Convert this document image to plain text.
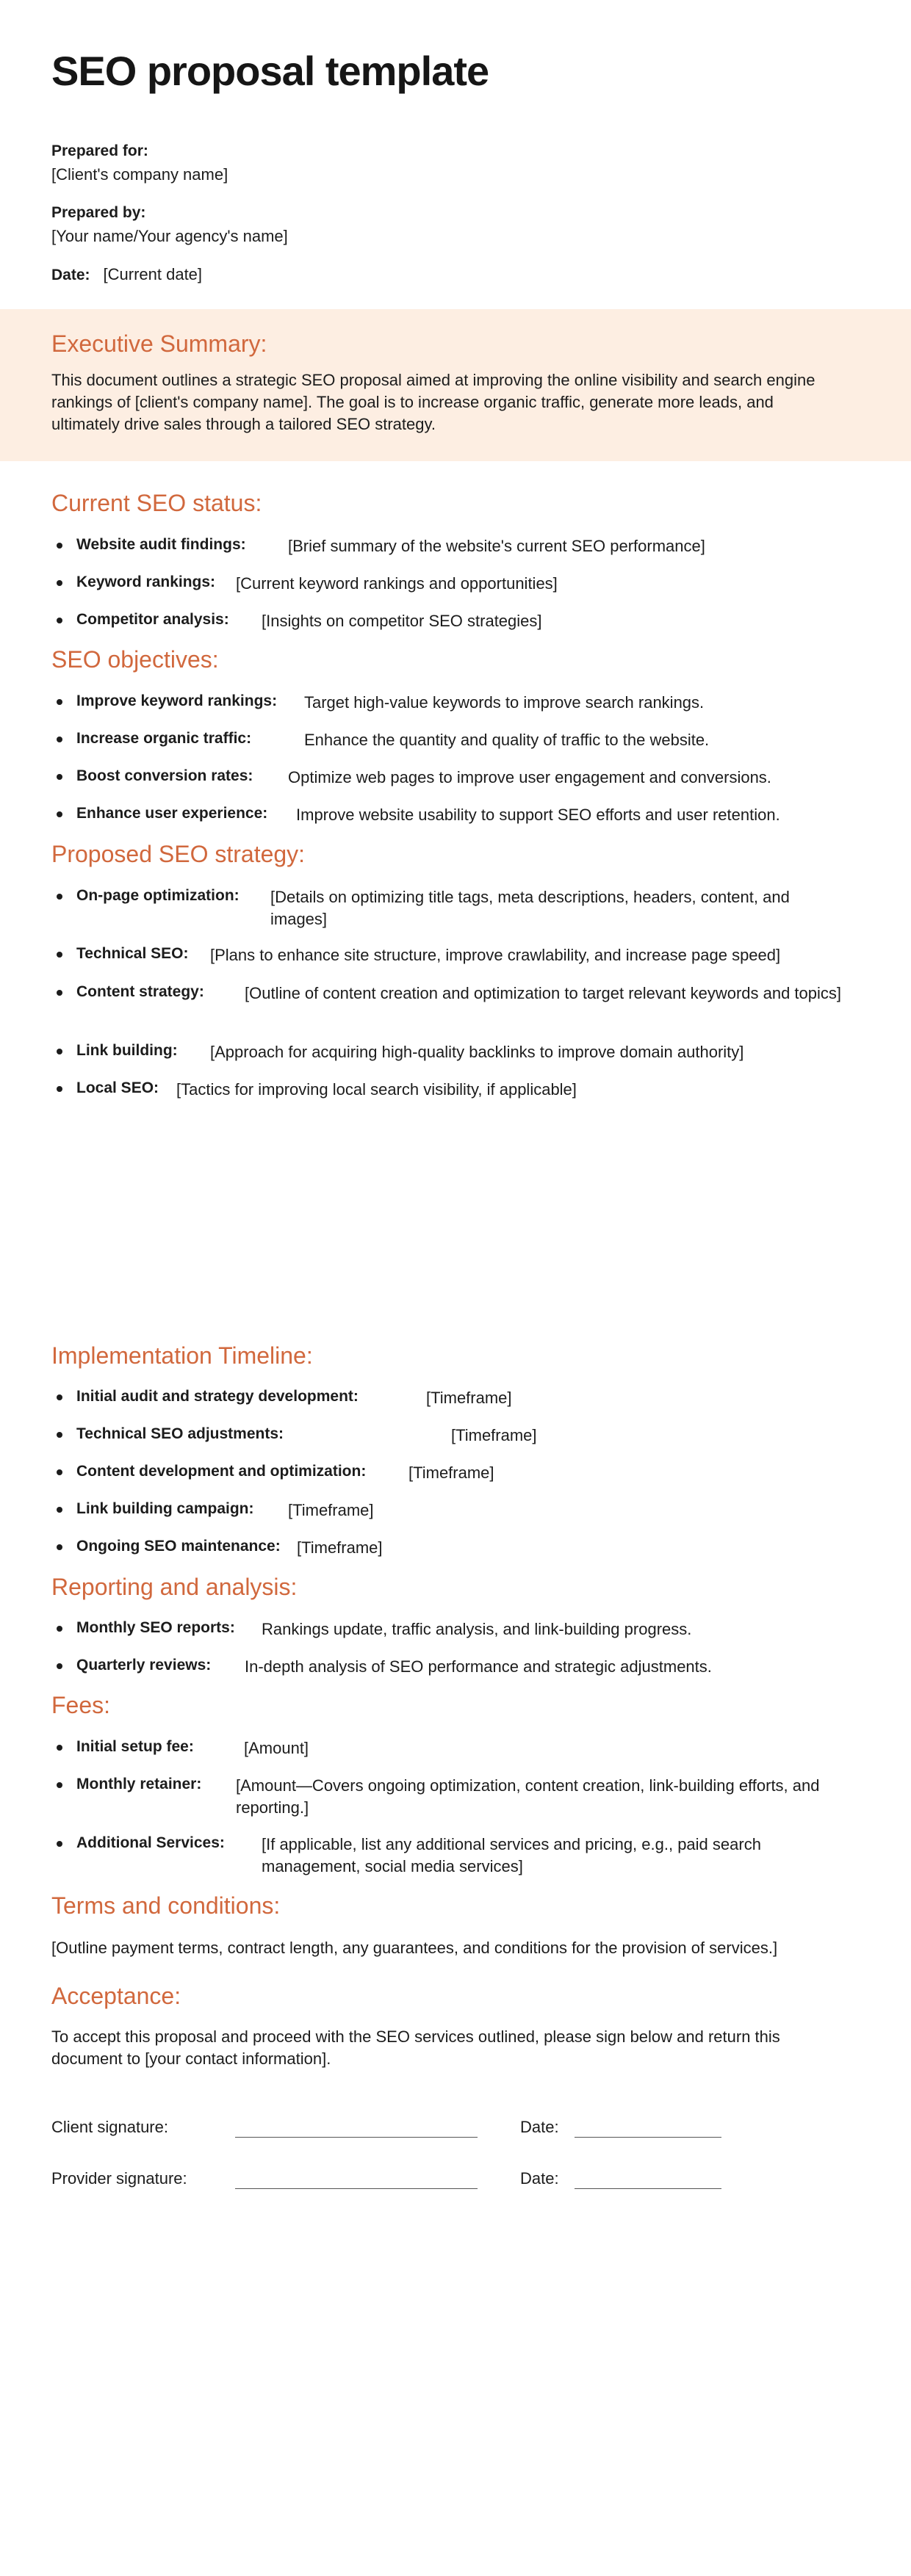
SEO proposal template
Prepared for:
[Client's company name]
Prepared by:
[Your name/Your agency's name]
Date: [Current date]
Executive Summary:

This document outlines a strategic SEO proposal aimed at improving the online visibility and search engine rankings of [client's company name]. The goal is to increase organic traffic, generate more leads, and ultimately drive sales through a tailored SEO strategy.

Current SEO status:
Website audit findings:	[Brief summary of the website's current SEO performance]
Keyword rankings: [Current keyword rankings and opportunities]
Competitor analysis: [Insights on competitor SEO strategies]
SEO objectives:
Improve keyword rankings: Target high-value keywords to improve search rankings.
Increase organic traffic:	Enhance the quantity and quality of traffic to the website.
Boost conversion rates: Optimize web pages to improve user engagement and conversions.
Enhance user experience: Improve website usability to support SEO efforts and user retention.
Proposed SEO strategy:
On-page optimization: [Details on optimizing title tags, meta descriptions, headers, content, and images]
Technical SEO: [Plans to enhance site structure, improve crawlability, and increase page speed]
Content strategy:	[Outline of content creation and optimization to target relevant keywords and topics]
Link building: [Approach for acquiring high-quality backlinks to improve domain authority]
Local SEO: [Tactics for improving local search visibility, if applicable]
Implementation Timeline:
Initial audit and strategy development:	[Timeframe]
Technical SEO adjustments:	[Timeframe]
Content development and optimization:	[Timeframe]
Link building campaign: [Timeframe]
Ongoing SEO maintenance: [Timeframe]
Reporting and analysis:
Monthly SEO reports: Rankings update, traffic analysis, and link-building progress.
Quarterly reviews: In-depth analysis of SEO performance and strategic adjustments.
Fees:
Initial setup fee:	[Amount]
Monthly retainer: [Amount—Covers ongoing optimization, content creation, link-building efforts, and reporting.]
Additional Services: [If applicable, list any additional services and pricing, e.g., paid search management, social media services]
Terms and conditions:

[Outline payment terms, contract length, any guarantees, and conditions for the provision of services.]

Acceptance:

To accept this proposal and proceed with the SEO services outlined, please sign below and return this document to [your contact information].

Client signature:	Date:
Provider signature:	Date:
